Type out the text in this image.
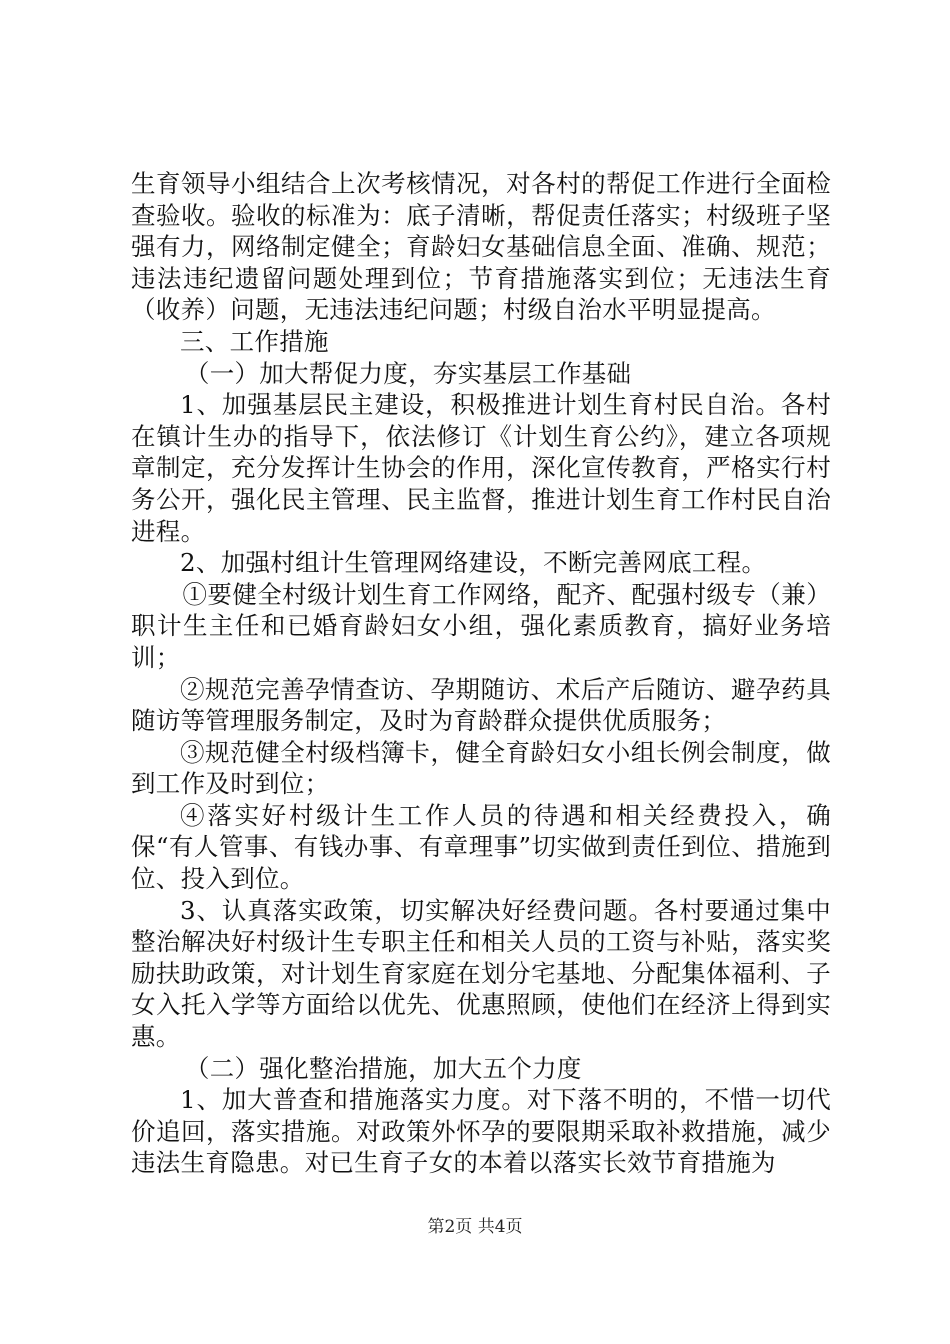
生育领导小组结合上次考核情况，对各村的帮促工作进行全面检查验收。验收的标准为：底子清晰，帮促责任落实；村级班子坚强有力，网络制定健全；育龄妇女基础信息全面、准确、规范；违法违纪遗留问题处理到位；节育措施落实到位；无违法生育（收养）问题，无违法违纪问题；村级自治水平明显提高。

三、工作措施

（一）加大帮促力度，夯实基层工作基础

1、加强基层民主建设，积极推进计划生育村民自治。各村在镇计生办的指导下，依法修订《计划生育公约》，建立各项规章制定，充分发挥计生协会的作用，深化宣传教育，严格实行村务公开，强化民主管理、民主监督，推进计划生育工作村民自治进程。

2、加强村组计生管理网络建设，不断完善网底工程。

①要健全村级计划生育工作网络，配齐、配强村级专（兼）职计生主任和已婚育龄妇女小组，强化素质教育，搞好业务培训；

②规范完善孕情查访、孕期随访、术后产后随访、避孕药具随访等管理服务制定，及时为育龄群众提供优质服务；

③规范健全村级档簿卡，健全育龄妇女小组长例会制度，做到工作及时到位；

④落实好村级计生工作人员的待遇和相关经费投入，确保“有人管事、有钱办事、有章理事”切实做到责任到位、措施到位、投入到位。

3、认真落实政策，切实解决好经费问题。各村要通过集中整治解决好村级计生专职主任和相关人员的工资与补贴，落实奖励扶助政策，对计划生育家庭在划分宅基地、分配集体福利、子女入托入学等方面给以优先、优惠照顾，使他们在经济上得到实惠。

（二）强化整治措施，加大五个力度

1、加大普查和措施落实力度。对下落不明的，不惜一切代价追回，落实措施。对政策外怀孕的要限期采取补救措施，减少违法生育隐患。对已生育子女的本着以落实长效节育措施为

第2页 共4页
